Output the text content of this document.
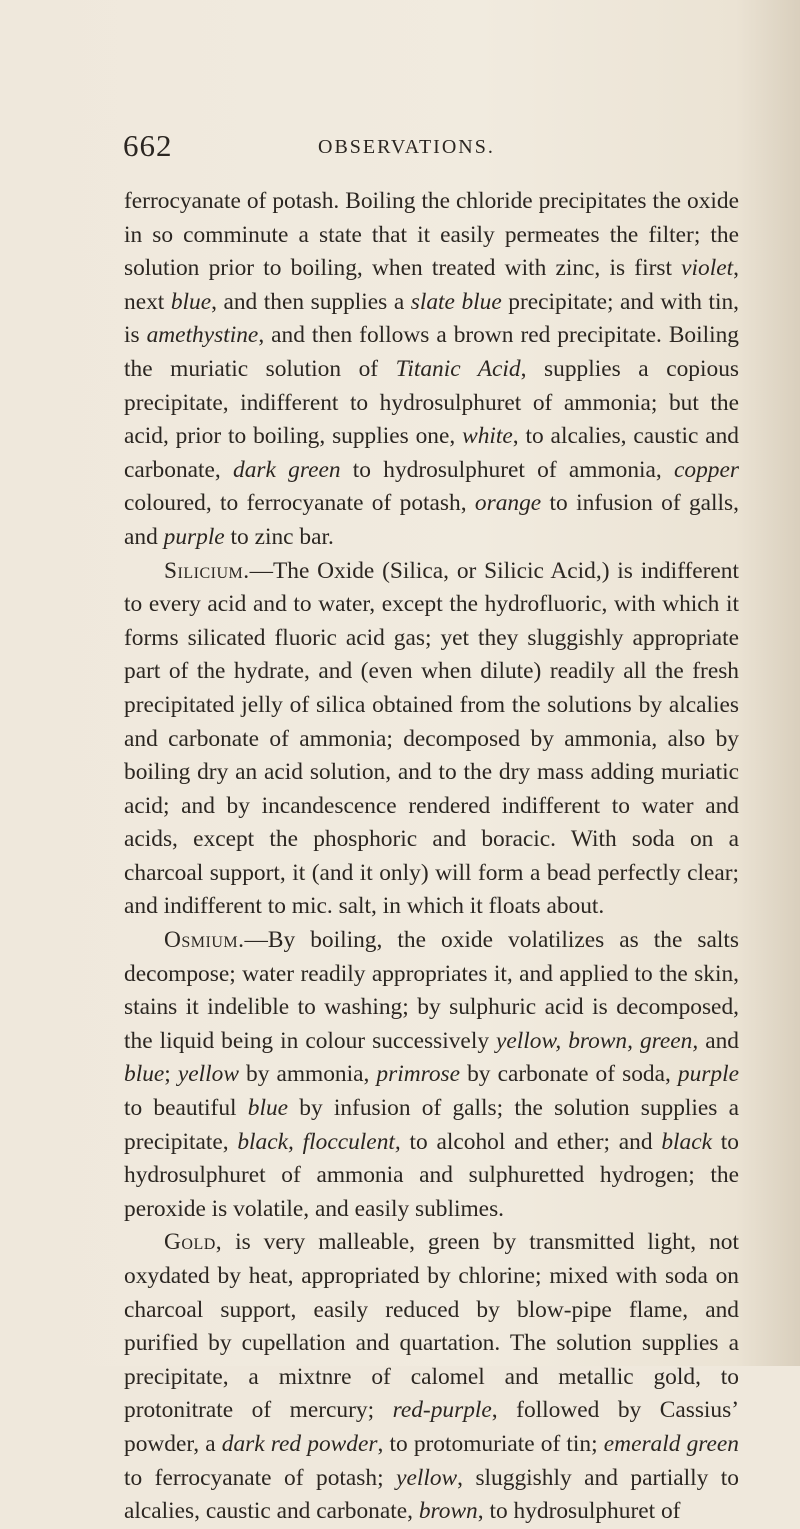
662	OBSERVATIONS.

ferrocyanate of potash. Boiling the chloride precipitates the oxide in so comminute a state that it easily permeates the filter; the solution prior to boiling, when treated with zinc, is first violet, next blue, and then supplies a slate blue precipitate; and with tin, is amethystine, and then follows a brown red precipitate. Boiling the muriatic solution of Titanic Acid, supplies a copious precipitate, indifferent to hydrosulphuret of ammonia; but the acid, prior to boiling, supplies one, white, to alcalies, caustic and carbonate, dark green to hydrosulphuret of ammonia, copper coloured, to ferrocyanate of potash, orange to infusion of galls, and purple to zinc bar.

Silicium.—The Oxide (Silica, or Silicic Acid,) is indifferent to every acid and to water, except the hydrofluoric, with which it forms silicated fluoric acid gas; yet they sluggishly appropriate part of the hydrate, and (even when dilute) readily all the fresh precipitated jelly of silica obtained from the solutions by alcalies and carbonate of ammonia; decomposed by ammonia, also by boiling dry an acid solution, and to the dry mass adding muriatic acid; and by incandescence rendered indifferent to water and acids, except the phosphoric and boracic. With soda on a charcoal support, it (and it only) will form a bead perfectly clear; and indifferent to mic. salt, in which it floats about.

Osmium.—By boiling, the oxide volatilizes as the salts decompose; water readily appropriates it, and applied to the skin, stains it indelible to washing; by sulphuric acid is decomposed, the liquid being in colour successively yellow, brown, green, and blue; yellow by ammonia, primrose by carbonate of soda, purple to beautiful blue by infusion of galls; the solution supplies a precipitate, black, flocculent, to alcohol and ether; and black to hydrosulphuret of ammonia and sulphuretted hydrogen; the peroxide is volatile, and easily sublimes.

Gold, is very malleable, green by transmitted light, not oxydated by heat, appropriated by chlorine; mixed with soda on charcoal support, easily reduced by blow-pipe flame, and purified by cupellation and quartation. The solution supplies a precipitate, a mixtnre of calomel and metallic gold, to protonitrate of mercury; red-purple, followed by Cassius’ powder, a dark red powder, to protomuriate of tin; emerald green to ferrocyanate of potash; yellow, sluggishly and partially to alcalies, caustic and carbonate, brown, to hydrosulphuret of
